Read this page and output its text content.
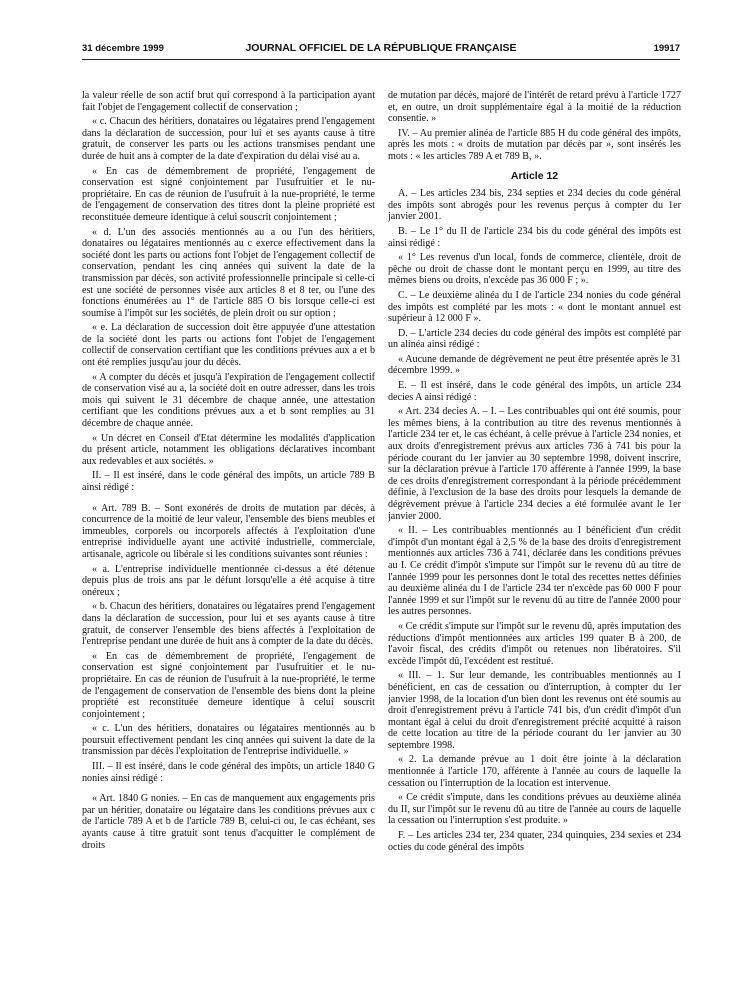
31 décembre 1999	JOURNAL OFFICIEL DE LA RÉPUBLIQUE FRANÇAISE	19917

la valeur réelle de son actif brut qui correspond à la participation ayant fait l'objet de l'engagement collectif de conservation ;

« c. Chacun des héritiers, donataires ou légataires prend l'engagement dans la déclaration de succession, pour lui et ses ayants cause à titre gratuit, de conserver les parts ou les actions transmises pendant une durée de huit ans à compter de la date d'expiration du délai visé au a.

« En cas de démembrement de propriété, l'engagement de conservation est signé conjointement par l'usufruitier et le nu-propriétaire. En cas de réunion de l'usufruit à la nue-propriété, le terme de l'engagement de conservation des titres dont la pleine propriété est reconstituée demeure identique à celui souscrit conjointement ;

« d. L'un des associés mentionnés au a ou l'un des héritiers, donataires ou légataires mentionnés au c exerce effectivement dans la société dont les parts ou actions font l'objet de l'engagement collectif de conservation, pendant les cinq années qui suivent la date de la transmission par décès, son activité professionnelle principale si celle-ci est une société de personnes visée aux articles 8 et 8 ter, ou l'une des fonctions énumérées au 1° de l'article 885 O bis lorsque celle-ci est soumise à l'impôt sur les sociétés, de plein droit ou sur option ;

« e. La déclaration de succession doit être appuyée d'une attestation de la société dont les parts ou actions font l'objet de l'engagement collectif de conservation certifiant que les conditions prévues aux a et b ont été remplies jusqu'au jour du décès.

« A compter du décès et jusqu'à l'expiration de l'engagement collectif de conservation visé au a, la société doit en outre adresser, dans les trois mois qui suivent le 31 décembre de chaque année, une attestation certifiant que les conditions prévues aux a et b sont remplies au 31 décembre de chaque année.

« Un décret en Conseil d'Etat détermine les modalités d'application du présent article, notamment les obligations déclaratives incombant aux redevables et aux sociétés. »

II. – Il est inséré, dans le code général des impôts, un article 789 B ainsi rédigé :

« Art. 789 B. – Sont exonérés de droits de mutation par décès, à concurrence de la moitié de leur valeur, l'ensemble des biens meubles et immeubles, corporels ou incorporels affectés à l'exploitation d'une entreprise individuelle ayant une activité industrielle, commerciale, artisanale, agricole ou libérale si les conditions suivantes sont réunies :

« a. L'entreprise individuelle mentionnée ci-dessus a été détenue depuis plus de trois ans par le défunt lorsqu'elle a été acquise à titre onéreux ;

« b. Chacun des héritiers, donataires ou légataires prend l'engagement dans la déclaration de succession, pour lui et ses ayants cause à titre gratuit, de conserver l'ensemble des biens affectés à l'exploitation de l'entreprise pendant une durée de huit ans à compter de la date du décès.

« En cas de démembrement de propriété, l'engagement de conservation est signé conjointement par l'usufruitier et le nu-propriétaire. En cas de réunion de l'usufruit à la nue-propriété, le terme de l'engagement de conservation de l'ensemble des biens dont la pleine propriété est reconstituée demeure identique à celui souscrit conjointement ;

« c. L'un des héritiers, donataires ou légataires mentionnés au b poursuit effectivement pendant les cinq années qui suivent la date de la transmission par décès l'exploitation de l'entreprise individuelle. »

III. – Il est inséré, dans le code général des impôts, un article 1840 G nonies ainsi rédigé :

« Art. 1840 G nonies. – En cas de manquement aux engagements pris par un héritier, donataire ou légataire dans les conditions prévues aux c de l'article 789 A et b de l'article 789 B, celui-ci ou, le cas échéant, ses ayants cause à titre gratuit sont tenus d'acquitter le complément de droits

de mutation par décès, majoré de l'intérêt de retard prévu à l'article 1727 et, en outre, un droit supplémentaire égal à la moitié de la réduction consentie. »

IV. – Au premier alinéa de l'article 885 H du code général des impôts, après les mots : « droits de mutation par décès par », sont insérés les mots : « les articles 789 A et 789 B, ».

Article 12

A. – Les articles 234 bis, 234 septies et 234 decies du code général des impôts sont abrogés pour les revenus perçus à compter du 1er janvier 2001.

B. – Le 1° du II de l'article 234 bis du code général des impôts est ainsi rédigé :

« 1° Les revenus d'un local, fonds de commerce, clientèle, droit de pêche ou droit de chasse dont le montant perçu en 1999, au titre des mêmes biens ou droits, n'excède pas 36 000 F ; ».

C. – Le deuxième alinéa du I de l'article 234 nonies du code général des impôts est complété par les mots : « dont le montant annuel est supérieur à 12 000 F ».

D. – L'article 234 decies du code général des impôts est complété par un alinéa ainsi rédigé :

« Aucune demande de dégrèvement ne peut être présentée après le 31 décembre 1999. »

E. – Il est inséré, dans le code général des impôts, un article 234 decies A ainsi rédigé :

« Art. 234 decies A. – I. – Les contribuables qui ont été soumis, pour les mêmes biens, à la contribution au titre des revenus mentionnés à l'article 234 ter et, le cas échéant, à celle prévue à l'article 234 nonies, et aux droits d'enregistrement prévus aux articles 736 à 741 bis pour la période courant du 1er janvier au 30 septembre 1998, doivent inscrire, sur la déclaration prévue à l'article 170 afférente à l'année 1999, la base de ces droits d'enregistrement correspondant à la période précédemment définie, à l'exclusion de la base des droits pour lesquels la demande de dégrèvement prévue à l'article 234 decies a été formulée avant le 1er janvier 2000.

« II. – Les contribuables mentionnés au I bénéficient d'un crédit d'impôt d'un montant égal à 2,5 % de la base des droits d'enregistrement mentionnés aux articles 736 à 741, déclarée dans les conditions prévues au I. Ce crédit d'impôt s'impute sur l'impôt sur le revenu dû au titre de l'année 1999 pour les personnes dont le total des recettes nettes définies au deuxième alinéa du I de l'article 234 ter n'excède pas 60 000 F pour l'année 1999 et sur l'impôt sur le revenu dû au titre de l'année 2000 pour les autres personnes.

« Ce crédit s'impute sur l'impôt sur le revenu dû, après imputation des réductions d'impôt mentionnées aux articles 199 quater B à 200, de l'avoir fiscal, des crédits d'impôt ou retenues non libératoires. S'il excède l'impôt dû, l'excédent est restitué.

« III. – 1. Sur leur demande, les contribuables mentionnés au I bénéficient, en cas de cessation ou d'interruption, à compter du 1er janvier 1998, de la location d'un bien dont les revenus ont été soumis au droit d'enregistrement prévu à l'article 741 bis, d'un crédit d'impôt d'un montant égal à celui du droit d'enregistrement précité acquitté à raison de cette location au titre de la période courant du 1er janvier au 30 septembre 1998.

« 2. La demande prévue au 1 doit être jointe à la déclaration mentionnée à l'article 170, afférente à l'année au cours de laquelle la cessation ou l'interruption de la location est intervenue.

« Ce crédit s'impute, dans les conditions prévues au deuxième alinéa du II, sur l'impôt sur le revenu dû au titre de l'année au cours de laquelle la cessation ou l'interruption s'est produite. »

F. – Les articles 234 ter, 234 quater, 234 quinquies, 234 sexies et 234 octies du code général des impôts
